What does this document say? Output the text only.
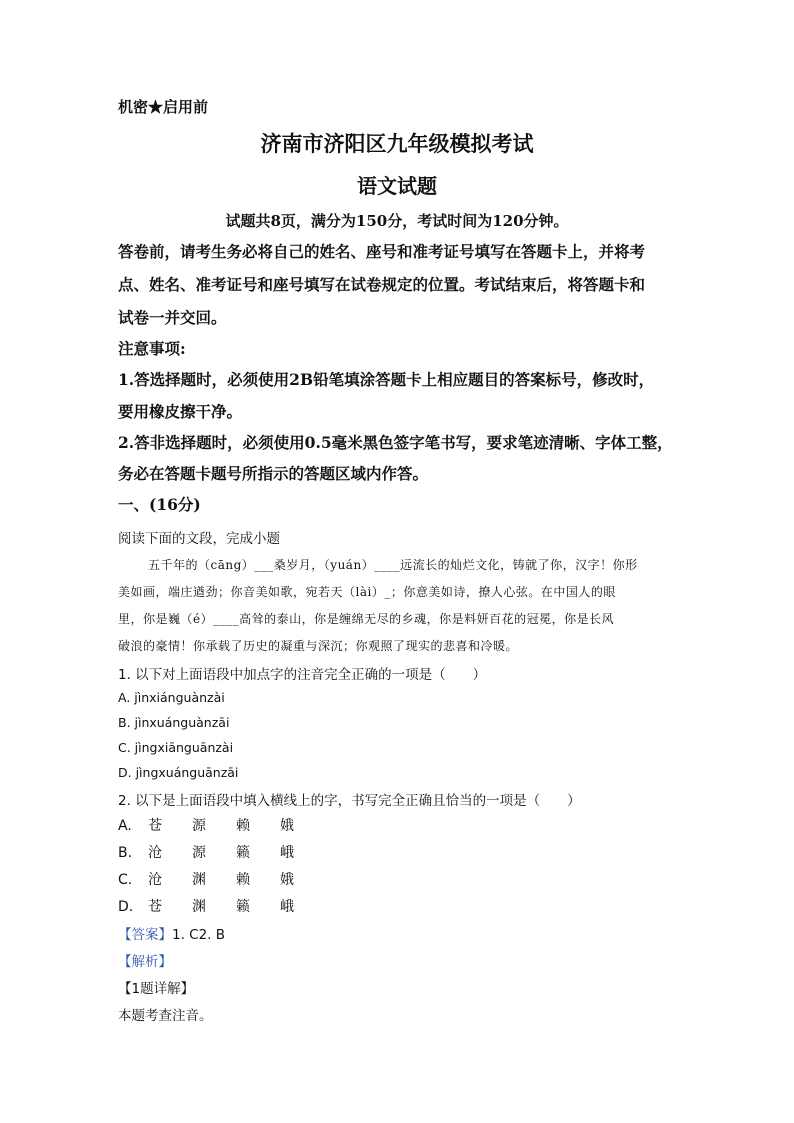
机密★启用前
济南市济阳区九年级模拟考试
语文试题
试题共8页，满分为150分，考试时间为120分钟。
答卷前，请考生务必将自己的姓名、座号和准考证号填写在答题卡上，并将考
点、姓名、准考证号和座号填写在试卷规定的位置。考试结束后，将答题卡和
试卷一并交回。
注意事项:
1.答选择题时，必须使用2B铅笔填涂答题卡上相应题目的答案标号，修改时，
要用橡皮擦干净。
2.答非选择题时，必须使用0.5毫米黑色签字笔书写，要求笔迹清晰、字体工整，
务必在答题卡题号所指示的答题区域内作答。
一、(16分)
阅读下面的文段，完成小题
五千年的（cāng）___桑岁月，（yuán）____远流长的灿烂文化，铸就了你，汉字！你形
美如画，端庄遒劲；你音美如歌，宛若天（lài）_；你意美如诗，撩人心弦。在中国人的眼
里，你是巍（é）____高耸的泰山，你是缠绵无尽的乡魂，你是料妍百花的冠冕，你是长风
破浪的豪情！你承载了历史的凝重与深沉；你观照了现实的悲喜和冷暖。
1. 以下对上面语段中加点字的注音完全正确的一项是（　　）
A. jìnxiánguànzài
B. jìnxuánguànzāi
C. jìngxiānguānzài
D. jìngxuánguānzāi
2. 以下是上面语段中填入横线上的字，书写完全正确且恰当的一项是（　　）
A. 苍 源 赖 娥
B. 沧 源 籁 峨
C. 沧 渊 赖 娥
D. 苍 渊 籁 峨
【答案】1. C2. B
【解析】
【1题详解】
本题考查注音。
